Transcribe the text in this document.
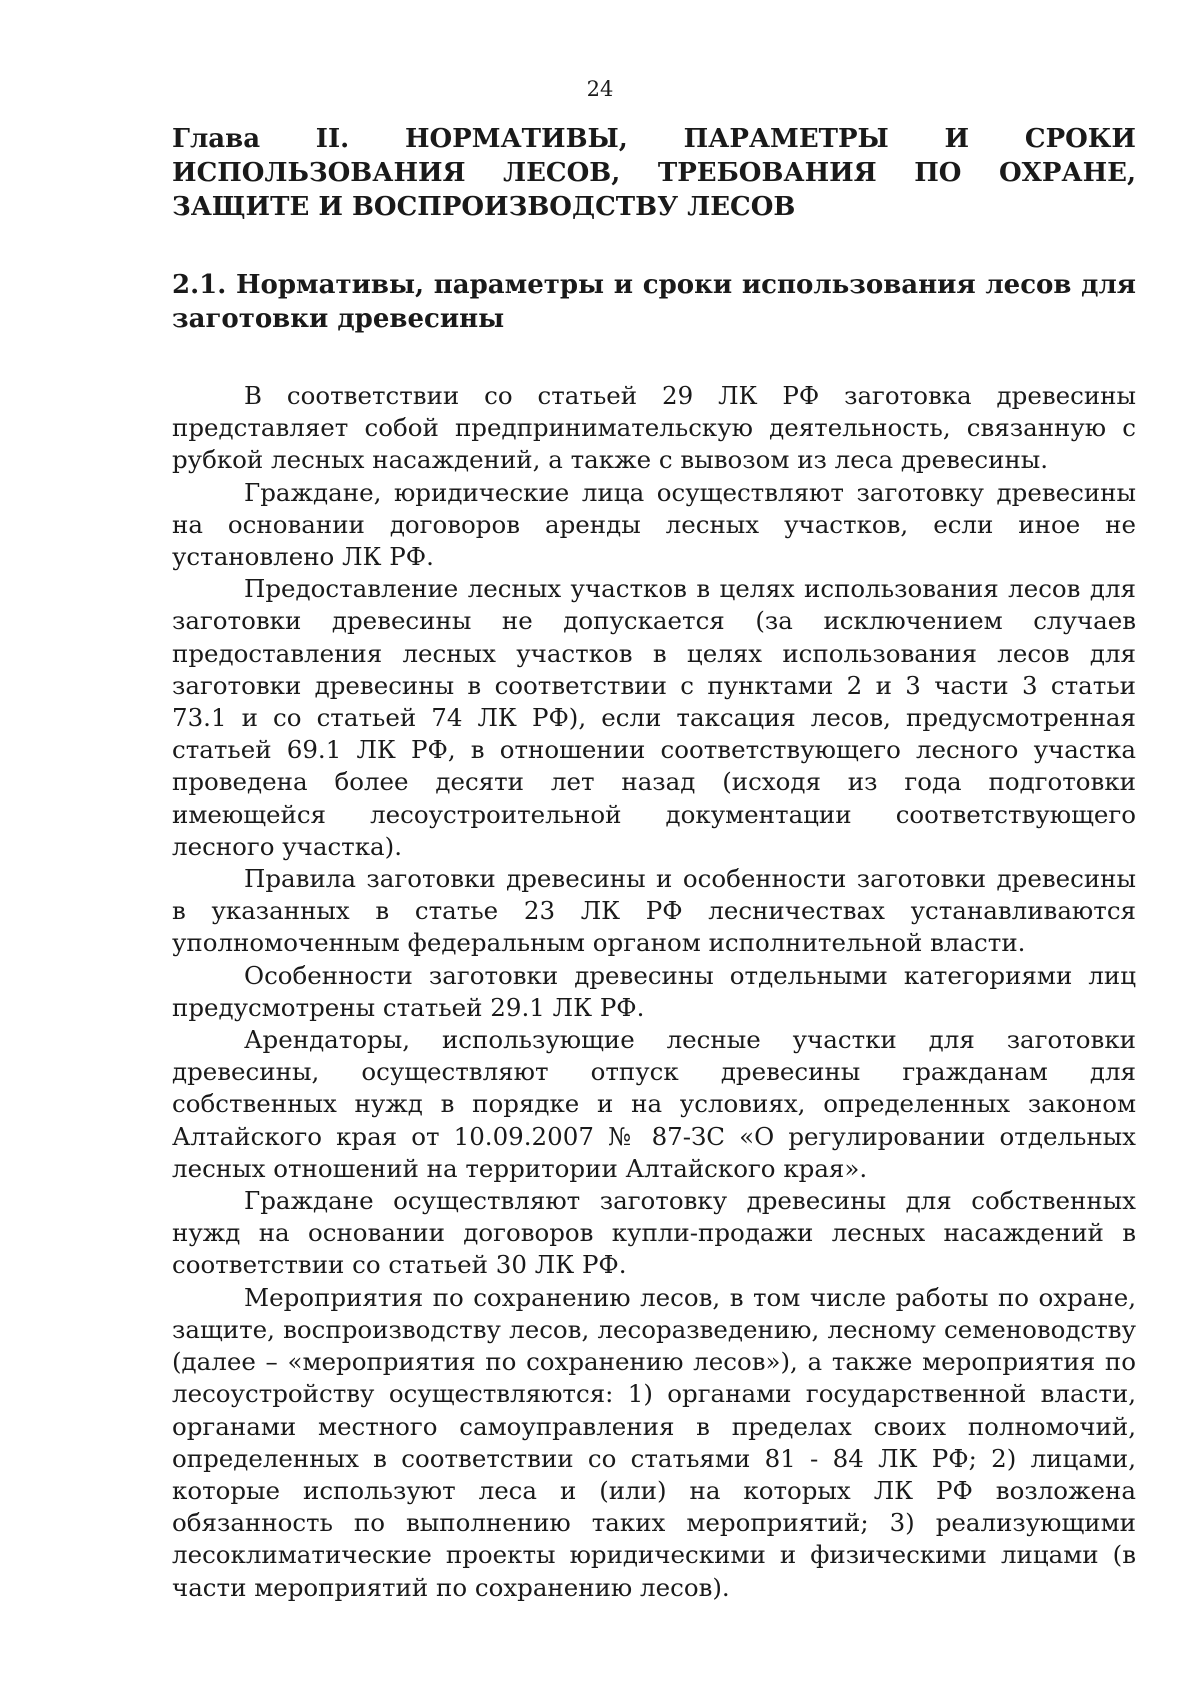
24
Глава II. НОРМАТИВЫ, ПАРАМЕТРЫ И СРОКИ ИСПОЛЬЗОВАНИЯ ЛЕСОВ, ТРЕБОВАНИЯ ПО ОХРАНЕ, ЗАЩИТЕ И ВОСПРОИЗВОДСТВУ ЛЕСОВ
2.1. Нормативы, параметры и сроки использования лесов для заготовки древесины

В соответствии со статьей 29 ЛК РФ заготовка древесины представляет собой предпринимательскую деятельность, связанную с рубкой лесных насаждений, а также с вывозом из леса древесины.

Граждане, юридические лица осуществляют заготовку древесины на основании договоров аренды лесных участков, если иное не установлено ЛК РФ.

Предоставление лесных участков в целях использования лесов для заготовки древесины не допускается (за исключением случаев предоставления лесных участков в целях использования лесов для заготовки древесины в соответствии с пунктами 2 и 3 части 3 статьи 73.1 и со статьей 74 ЛК РФ), если таксация лесов, предусмотренная статьей 69.1 ЛК РФ, в отношении соответствующего лесного участка проведена более десяти лет назад (исходя из года подготовки имеющейся лесоустроительной документации соответствующего лесного участка).

Правила заготовки древесины и особенности заготовки древесины в указанных в статье 23 ЛК РФ лесничествах устанавливаются уполномоченным федеральным органом исполнительной власти.

Особенности заготовки древесины отдельными категориями лиц предусмотрены статьей 29.1 ЛК РФ.

Арендаторы, использующие лесные участки для заготовки древесины, осуществляют отпуск древесины гражданам для собственных нужд в порядке и на условиях, определенных законом Алтайского края от 10.09.2007 № 87-ЗС «О регулировании отдельных лесных отношений на территории Алтайского края».

Граждане осуществляют заготовку древесины для собственных нужд на основании договоров купли-продажи лесных насаждений в соответствии со статьей 30 ЛК РФ.

Мероприятия по сохранению лесов, в том числе работы по охране, защите, воспроизводству лесов, лесоразведению, лесному семеноводству (далее – «мероприятия по сохранению лесов»), а также мероприятия по лесоустройству осуществляются: 1) органами государственной власти, органами местного самоуправления в пределах своих полномочий, определенных в соответствии со статьями 81 - 84 ЛК РФ; 2) лицами, которые используют леса и (или) на которых ЛК РФ возложена обязанность по выполнению таких мероприятий; 3) реализующими лесоклиматические проекты юридическими и физическими лицами (в части мероприятий по сохранению лесов).
